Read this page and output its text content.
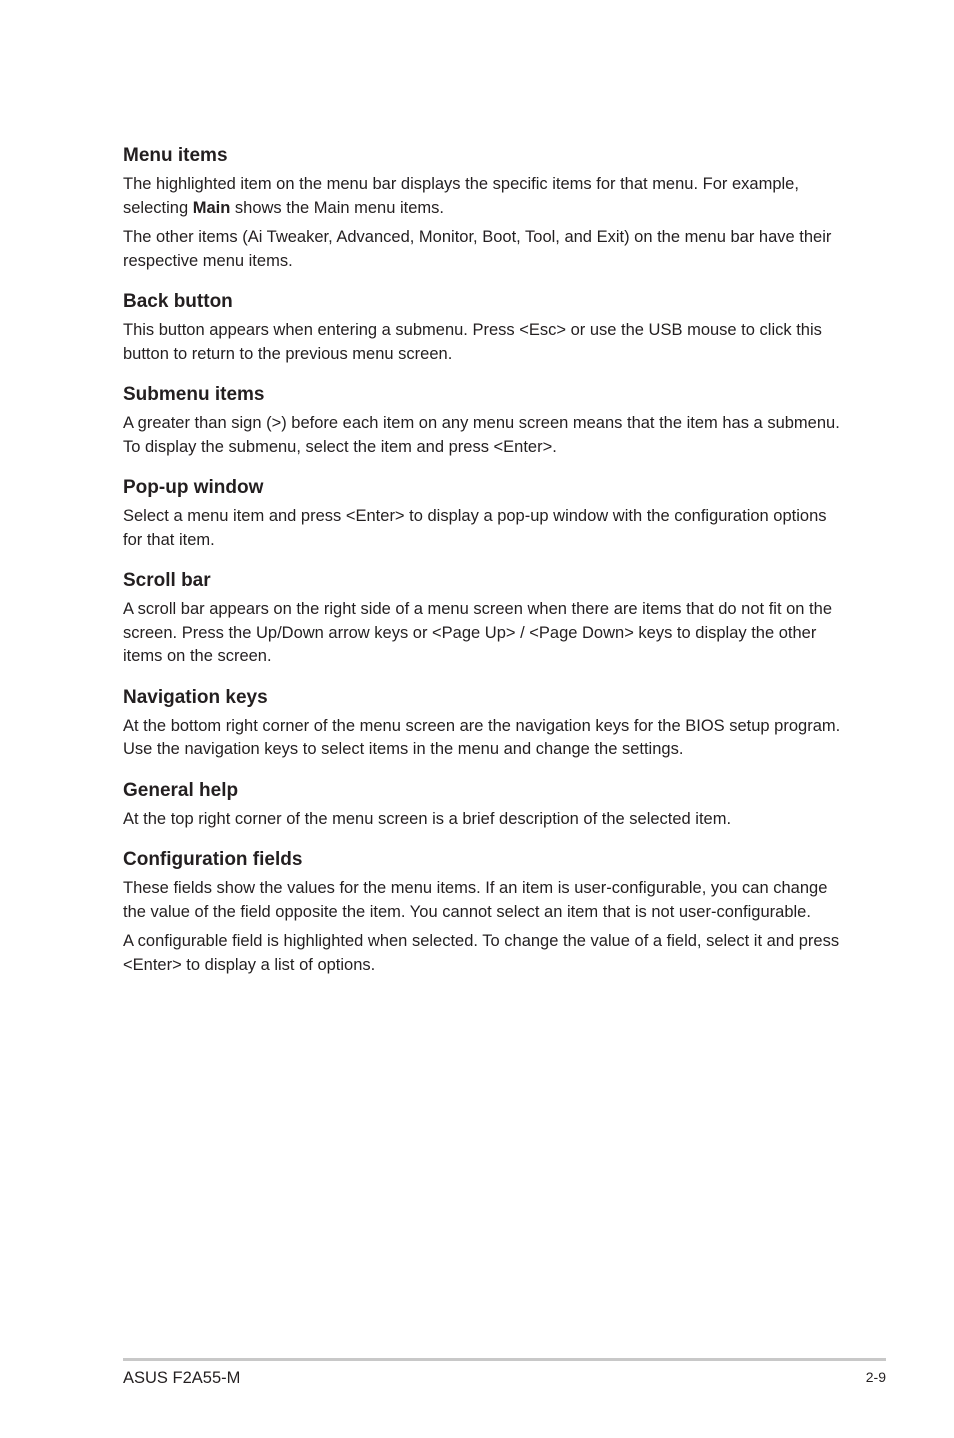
Menu items

The highlighted item on the menu bar displays the specific items for that menu. For example, selecting Main shows the Main menu items.

The other items (Ai Tweaker, Advanced, Monitor, Boot, Tool, and Exit) on the menu bar have their respective menu items.

Back button

This button appears when entering a submenu. Press <Esc> or use the USB mouse to click this button to return to the previous menu screen.

Submenu items

A greater than sign (>) before each item on any menu screen means that the item has a submenu. To display the submenu, select the item and press <Enter>.

Pop-up window

Select a menu item and press <Enter> to display a pop-up window with the configuration options for that item.

Scroll bar

A scroll bar appears on the right side of a menu screen when there are items that do not fit on the screen. Press the Up/Down arrow keys or <Page Up> / <Page Down> keys to display the other items on the screen.

Navigation keys

At the bottom right corner of the menu screen are the navigation keys for the BIOS setup program. Use the navigation keys to select items in the menu and change the settings.

General help

At the top right corner of the menu screen is a brief description of the selected item.

Configuration fields

These fields show the values for the menu items. If an item is user-configurable, you can change the value of the field opposite the item. You cannot select an item that is not user-configurable.

A configurable field is highlighted when selected. To change the value of a field, select it and press <Enter> to display a list of options.

ASUS F2A55-M	2-9
